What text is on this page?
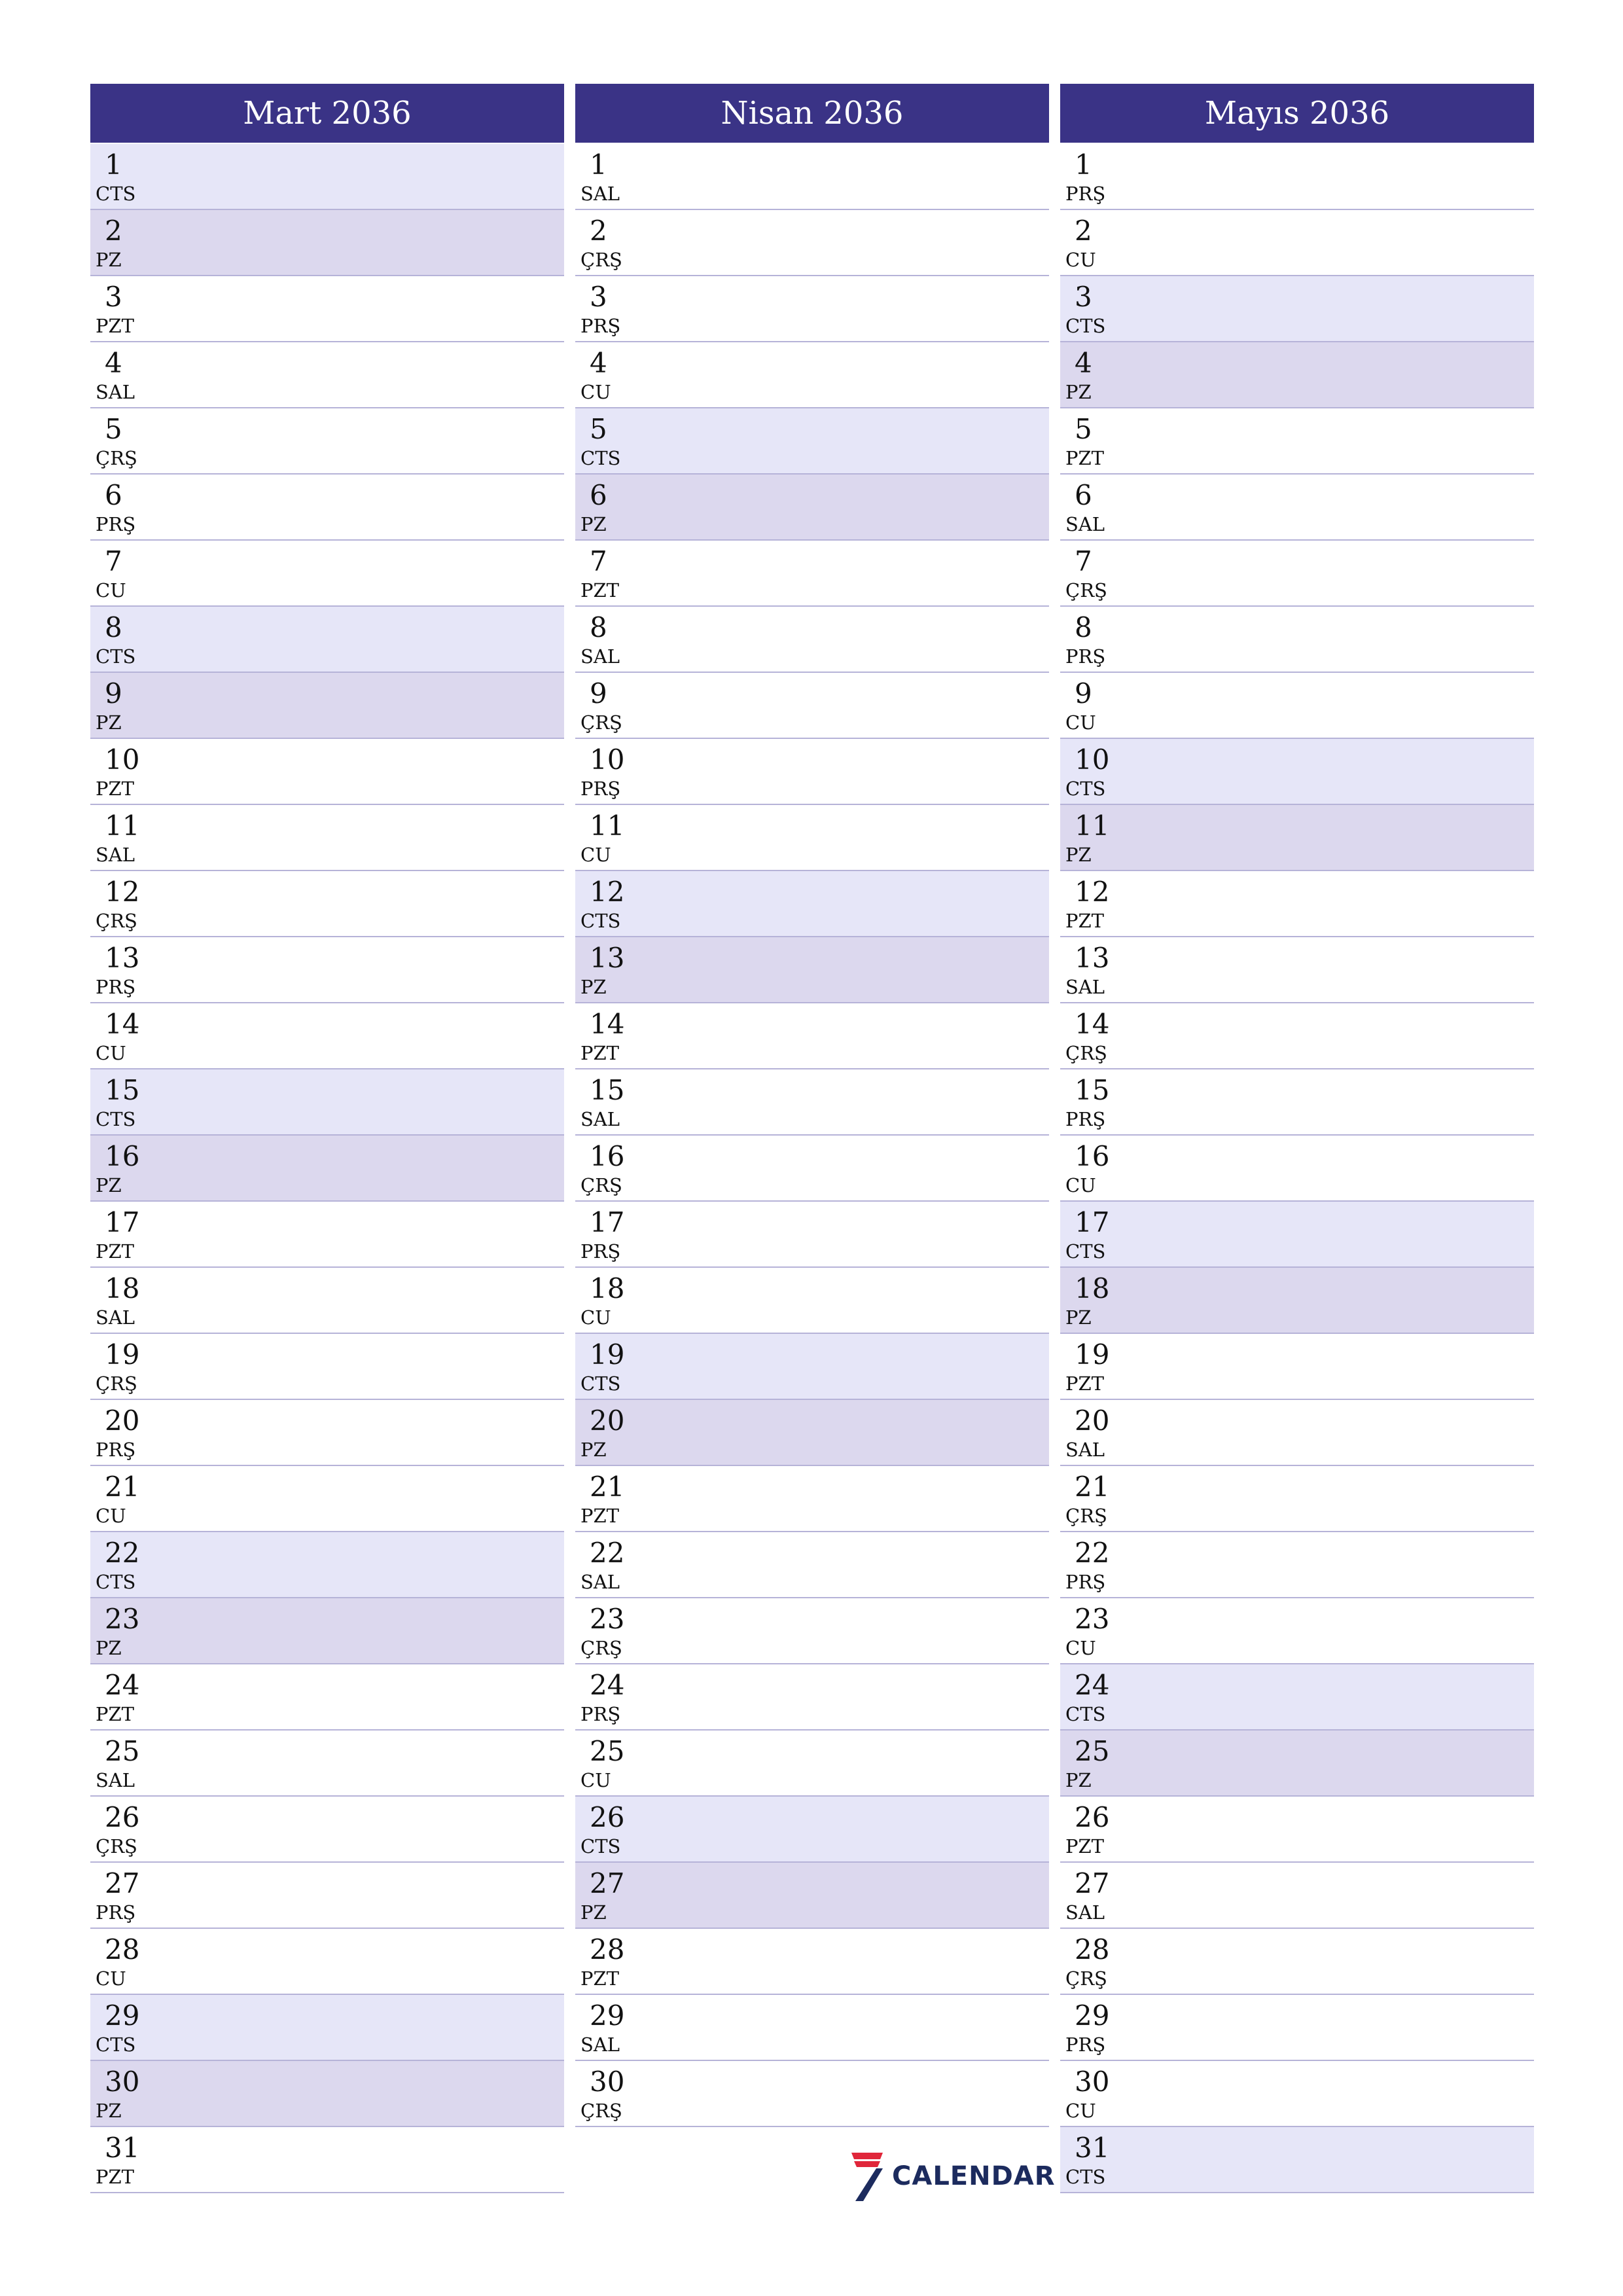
Mart 2036
1
CTS
2
PZ
3
PZT
4
SAL
5
ÇRŞ
6
PRŞ
7
CU
8
CTS
9
PZ
10
PZT
11
SAL
12
ÇRŞ
13
PRŞ
14
CU
15
CTS
16
PZ
17
PZT
18
SAL
19
ÇRŞ
20
PRŞ
21
CU
22
CTS
23
PZ
24
PZT
25
SAL
26
ÇRŞ
27
PRŞ
28
CU
29
CTS
30
PZ
31
PZT
Nisan 2036
1
SAL
2
ÇRŞ
3
PRŞ
4
CU
5
CTS
6
PZ
7
PZT
8
SAL
9
ÇRŞ
10
PRŞ
11
CU
12
CTS
13
PZ
14
PZT
15
SAL
16
ÇRŞ
17
PRŞ
18
CU
19
CTS
20
PZ
21
PZT
22
SAL
23
ÇRŞ
24
PRŞ
25
CU
26
CTS
27
PZ
28
PZT
29
SAL
30
ÇRŞ
Mayıs 2036
1
PRŞ
2
CU
3
CTS
4
PZ
5
PZT
6
SAL
7
ÇRŞ
8
PRŞ
9
CU
10
CTS
11
PZ
12
PZT
13
SAL
14
ÇRŞ
15
PRŞ
16
CU
17
CTS
18
PZ
19
PZT
20
SAL
21
ÇRŞ
22
PRŞ
23
CU
24
CTS
25
PZ
26
PZT
27
SAL
28
ÇRŞ
29
PRŞ
30
CU
31
CTS
CALENDAR
